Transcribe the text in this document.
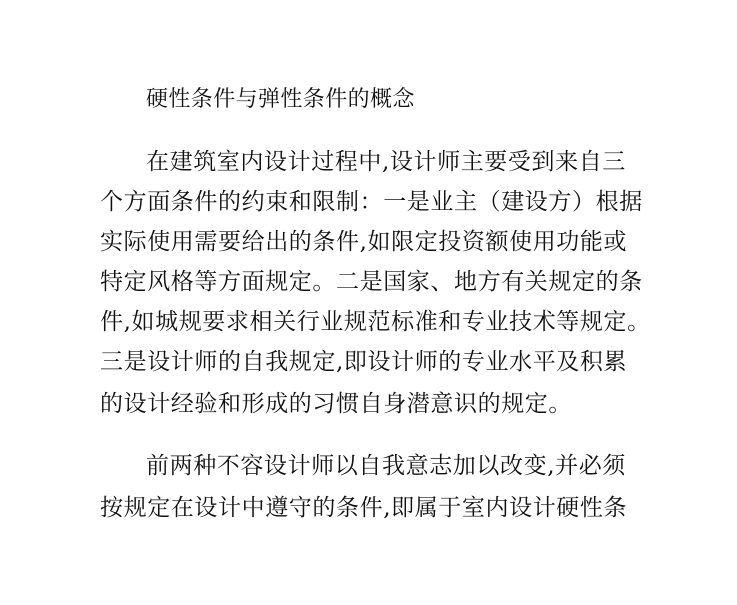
硬性条件与弹性条件的概念
在建筑室内设计过程中,设计师主要受到来自三
个方面条件的约束和限制：一是业主（建设方）根据
实际使用需要给出的条件,如限定投资额使用功能或
特定风格等方面规定。二是国家、地方有关规定的条
件,如城规要求相关行业规范标准和专业技术等规定。
三是设计师的自我规定,即设计师的专业水平及积累
的设计经验和形成的习惯自身潜意识的规定。
前两种不容设计师以自我意志加以改变,并必须
按规定在设计中遵守的条件,即属于室内设计硬性条
